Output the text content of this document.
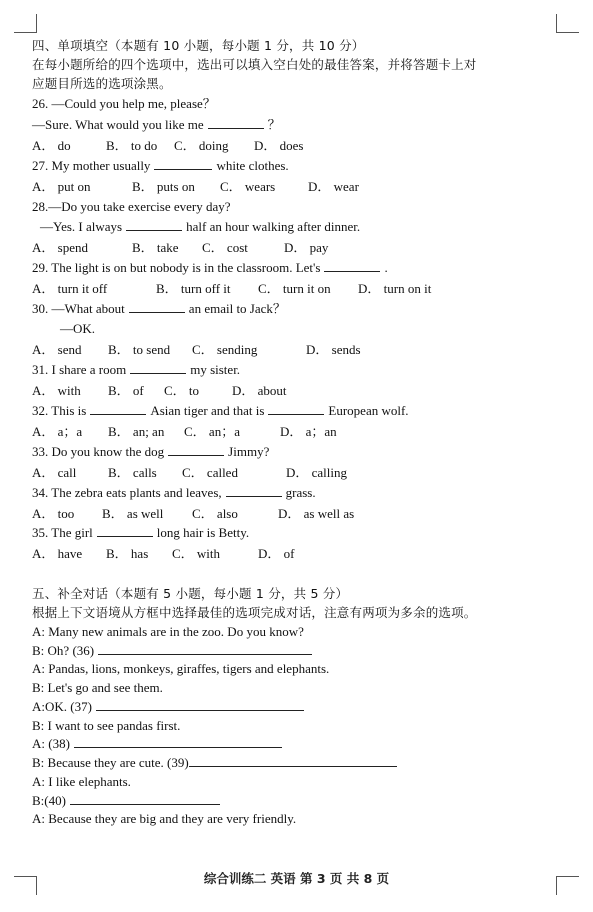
四、单项填空（本题有 10 小题，每小题 1 分，共 10 分）
在每小题所给的四个选项中，选出可以填入空白处的最佳答案，并将答题卡上对
应题目所选的选项涂黑。
26. —Could you help me, please？
—Sure. What would you like me	？
A． do	B． to do C． doing D． does
27. My mother usually	white clothes.
A． put on	B． puts on C． wears	D． wear
28.—Do you take exercise every day?
—Yes. I always	half an hour walking after dinner.
A． spend	B． take C． cost	D． pay
29. The light is on but nobody is in the classroom. Let's	.
A． turn it off	B． turn off it C． turn it on D． turn on it
30. —What about	an email to Jack？
—OK.
A． send B． to send C． sending	D． sends
31. I share a room	my sister.
A． with B． of C． to	D． about
32. This is	Asian tiger and that is	European wolf.
A． a；a B． an; an C． an；a	D． a；an
33. Do you know the dog	Jimmy?
A． call B． calls C． called	D． calling
34. The zebra eats plants and leaves,	grass.
A． too B． as well C． also	D． as well as
35. The girl	long hair is Betty.
A． have B． has C． with	D． of
五、补全对话（本题有 5 小题，每小题 1 分，共 5 分）
根据上下文语境从方框中选择最佳的选项完成对话，注意有两项为多余的选项。
A: Many new animals are in the zoo. Do you know?
B: Oh? (36)
A: Pandas, lions, monkeys, giraffes, tigers and elephants.
B: Let's go and see them.
A:OK. (37)
B: I want to see pandas first.
A: (38)
B: Because they are cute. (39)
A: I like elephants.
B:(40)
A: Because they are big and they are very friendly.
综合训练二 英语 第 3 页 共 8 页
